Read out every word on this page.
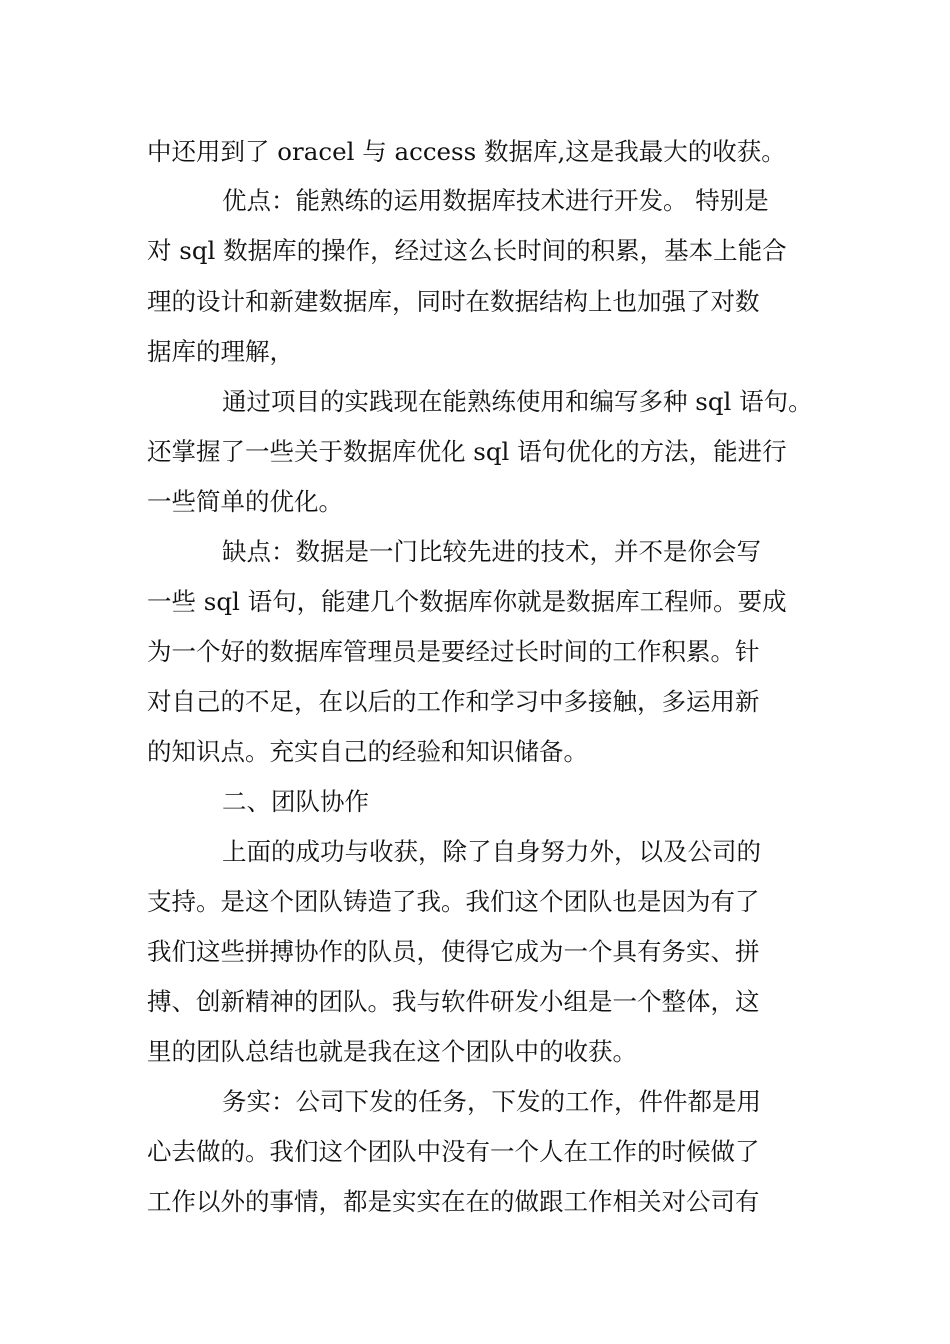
中还用到了 oracel 与 access 数据库,这是我最大的收获。
优点：能熟练的运用数据库技术进行开发。 特别是
对 sql 数据库的操作，经过这么长时间的积累，基本上能合
理的设计和新建数据库，同时在数据结构上也加强了对数
据库的理解，
通过项目的实践现在能熟练使用和编写多种 sql 语句。
还掌握了一些关于数据库优化 sql 语句优化的方法，能进行
一些简单的优化。
缺点：数据是一门比较先进的技术，并不是你会写
一些 sql 语句，能建几个数据库你就是数据库工程师。要成
为一个好的数据库管理员是要经过长时间的工作积累。针
对自己的不足，在以后的工作和学习中多接触，多运用新
的知识点。充实自己的经验和知识储备。
二、团队协作
上面的成功与收获，除了自身努力外，以及公司的
支持。是这个团队铸造了我。我们这个团队也是因为有了
我们这些拼搏协作的队员，使得它成为一个具有务实、拼
搏、创新精神的团队。我与软件研发小组是一个整体，这
里的团队总结也就是我在这个团队中的收获。
务实：公司下发的任务，下发的工作，件件都是用
心去做的。我们这个团队中没有一个人在工作的时候做了
工作以外的事情，都是实实在在的做跟工作相关对公司有
